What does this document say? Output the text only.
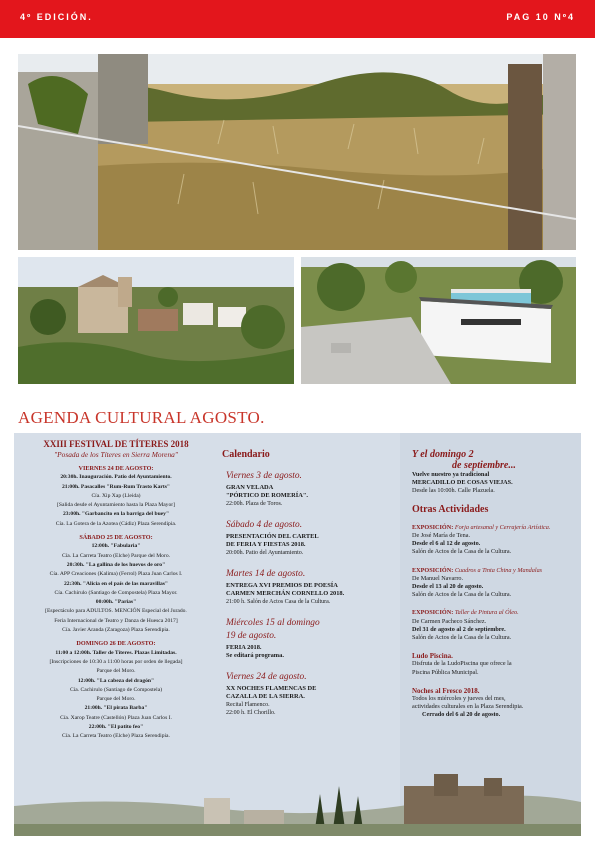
4º EDICIÓN.	PAG 10 Nº4
AGENDA CULTURAL AGOSTO.
XXIII FESTIVAL DE TÍTERES 2018
"Posada de los Títeres en Sierra Morena"
VIERNES 24 DE AGOSTO:
20:30h. Inauguración. Patio del Ayuntamiento.
21:00h. Pasacalles "Rum-Rum Trasto Karts"
Cía. Xip Xap (Lleida)
[Salida desde el Ayuntamiento hasta la Plaza Mayor]
23:00h. "Garbancito en la barriga del buey"
Cía. La Gotera de la Azotea (Cádiz) Plaza Serendipia.
SÁBADO 25 DE AGOSTO:
12:00h. "Fabularia"
Cía. La Carreta Teatro (Elche) Parque del Moro.
20:30h. "La gallina de los huevos de oro"
Cía. APP Creaciones (Kalima) (Ferrol) Plaza Juan Carlos I.
22:30h. "Alicia en el país de las maravillas"
Cía. Cachirulo (Santiago de Compostela) Plaza Mayor.
00:00h. "Parias"
[Espectáculo para ADULTOS. MENCIÓN Especial del Jurado.
Feria Internacional de Teatro y Danza de Huesca 2017]
Cía. Javier Aranda (Zaragoza) Plaza Serendipia.
DOMINGO 26 DE AGOSTO:
11:00 a 12:00h. Taller de Títeres. Plazas Limitadas.
[Inscripciones de 10:30 a 11:00 horas por orden de llegada]
Parque del Moro.
12:00h. "La cabeza del dragón"
Cía. Cachirulo (Santiago de Compostela)
Parque del Moro.
21:00h. "El pirata Barba"
Cía. Xarop Teatre (Castellón) Plaza Juan Carlos I.
22:00h. "El patito feo"
Cía. La Carreta Teatro (Elche) Plaza Serendipia.
Calendario
Viernes 3 de agosto.
GRAN VELADA
"PÓRTICO DE ROMERÍA".
22:00h. Plaza de Toros.
Sábado 4 de agosto.
PRESENTACIÓN DEL CARTEL
DE FERIA Y FIESTAS 2018.
20:00h. Patio del Ayuntamiento.
Martes 14 de agosto.
ENTREGA XVI PREMIOS DE POESÍA
CARMEN MERCHÁN CORNELLO 2018.
21:00 h. Salón de Actos Casa de la Cultura.
Miércoles 15 al domingo
19 de agosto.
FERIA 2018.
Se editará programa.
Viernes 24 de agosto.
XX NOCHES FLAMENCAS DE
CAZALLA DE LA SIERRA.
Recital Flamenco.
22:00 h. El Chorillo.
Y el domingo 2
de septiembre...
Vuelve nuestro ya tradicional
MERCADILLO DE COSAS VIEJAS.
Desde las 10:00h. Calle Plazuela.
Otras Actividades
EXPOSICIÓN: Forja artesanal y Cerrajería Artística.
De José María de Tena.
Desde el 6 al 12 de agosto.
Salón de Actos de la Casa de la Cultura.
EXPOSICIÓN: Cuadros a Tinta China y Mandalas
De Manuel Navarro.
Desde el 13 al 20 de agosto.
Salón de Actos de la Casa de la Cultura.
EXPOSICIÓN: Taller de Pintura al Óleo.
De Carmen Pacheco Sánchez.
Del 31 de agosto al 2 de septiembre.
Salón de Actos de la Casa de la Cultura.
Ludo Piscina.
Disfruta de la LudoPiscina que ofrece la
Piscina Pública Municipal.
Noches al Fresco 2018.
Todos los miércoles y jueves del mes,
actividades culturales en la Plaza Serendipia.
Cerrado del 6 al 20 de agosto.
